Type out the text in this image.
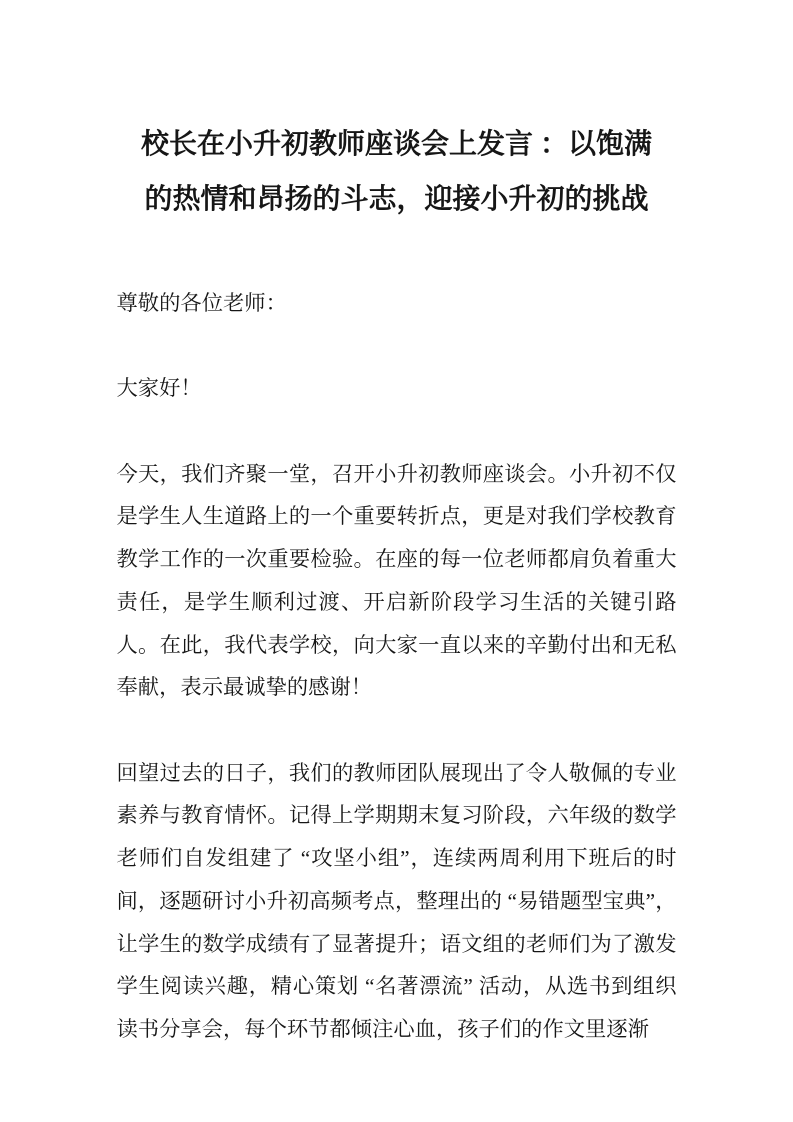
校长在小升初教师座谈会上发言 ：以饱满的热情和昂扬的斗志，迎接小升初的挑战

尊敬的各位老师：

大家好！

今天，我们齐聚一堂，召开小升初教师座谈会。小升初不仅是学生人生道路上的一个重要转折点，更是对我们学校教育教学工作的一次重要检验。在座的每一位老师都肩负着重大责任，是学生顺利过渡、开启新阶段学习生活的关键引路人。在此，我代表学校，向大家一直以来的辛勤付出和无私奉献，表示最诚挚的感谢！

回望过去的日子，我们的教师团队展现出了令人敬佩的专业素养与教育情怀。记得上学期期末复习阶段，六年级的数学老师们自发组建了 “攻坚小组”，连续两周利用下班后的时间，逐题研讨小升初高频考点，整理出的 “易错题型宝典”，让学生的数学成绩有了显著提升；语文组的老师们为了激发学生阅读兴趣，精心策划 “名著漂流” 活动，从选书到组织读书分享会，每个环节都倾注心血，孩子们的作文里逐渐
